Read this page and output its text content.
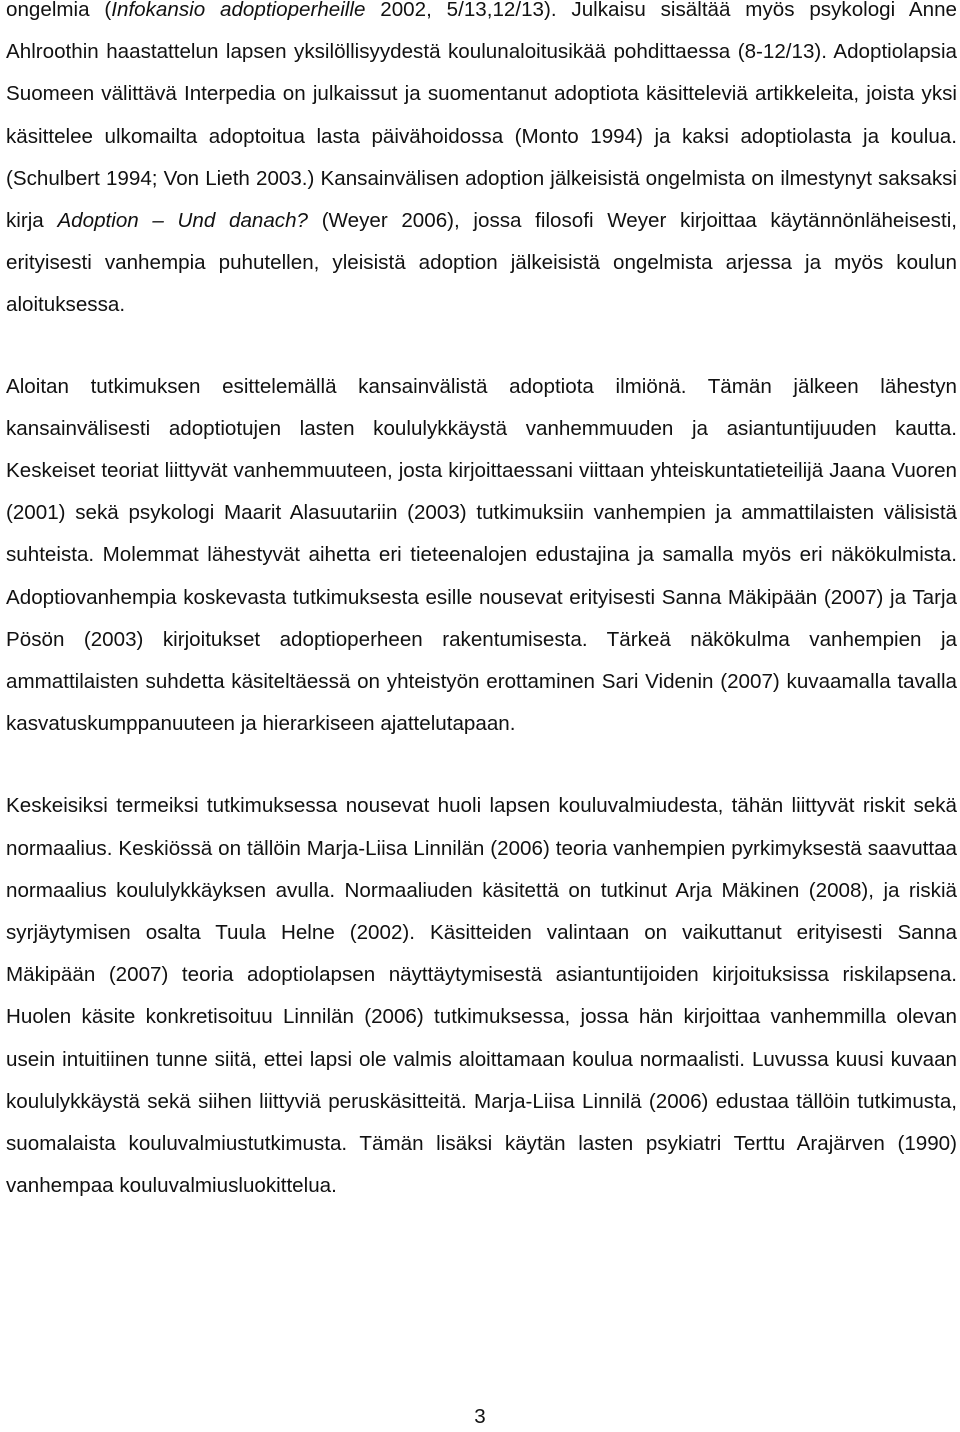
ongelmia (Infokansio adoptioperheille 2002, 5/13,12/13). Julkaisu sisältää myös psykologi Anne Ahlroothin haastattelun lapsen yksilöllisyydestä koulunaloitusikää pohdittaessa (8-12/13). Adoptiolapsia Suomeen välittävä Interpedia on julkaissut ja suomentanut adoptiota käsitteleviä artikkeleita, joista yksi käsittelee ulkomailta adoptoitua lasta päivähoidossa (Monto 1994) ja kaksi adoptiolasta ja koulua. (Schulbert 1994; Von Lieth 2003.) Kansainvälisen adoption jälkeisistä ongelmista on ilmestynyt saksaksi kirja Adoption – Und danach? (Weyer 2006), jossa filosofi Weyer kirjoittaa käytännönläheisesti, erityisesti vanhempia puhutellen, yleisistä adoption jälkeisistä ongelmista arjessa ja myös koulun aloituksessa.

Aloitan tutkimuksen esittelemällä kansainvälistä adoptiota ilmiönä. Tämän jälkeen lähestyn kansainvälisesti adoptiotujen lasten koululykkäystä vanhemmuuden ja asiantuntijuuden kautta. Keskeiset teoriat liittyvät vanhemmuuteen, josta kirjoittaessani viittaan yhteiskuntatieteilijä Jaana Vuoren (2001) sekä psykologi Maarit Alasuutariin (2003) tutkimuksiin vanhempien ja ammattilaisten välisistä suhteista. Molemmat lähestyvät aihetta eri tieteenalojen edustajina ja samalla myös eri näkökulmista. Adoptiovanhempia koskevasta tutkimuksesta esille nousevat erityisesti Sanna Mäkipään (2007) ja Tarja Pösön (2003) kirjoitukset adoptioperheen rakentumisesta. Tärkeä näkökulma vanhempien ja ammattilaisten suhdetta käsiteltäessä on yhteistyön erottaminen Sari Videnin (2007) kuvaamalla tavalla kasvatuskumppanuuteen ja hierarkiseen ajattelutapaan.

Keskeisiksi termeiksi tutkimuksessa nousevat huoli lapsen kouluvalmiudesta, tähän liittyvät riskit sekä normaalius. Keskiössä on tällöin Marja-Liisa Linnilän (2006) teoria vanhempien pyrkimyksestä saavuttaa normaalius koululykkäyksen avulla. Normaaliuden käsitettä on tutkinut Arja Mäkinen (2008), ja riskiä syrjäytymisen osalta Tuula Helne (2002). Käsitteiden valintaan on vaikuttanut erityisesti Sanna Mäkipään (2007) teoria adoptiolapsen näyttäytymisestä asiantuntijoiden kirjoituksissa riskilapsena. Huolen käsite konkretisoituu Linnilän (2006) tutkimuksessa, jossa hän kirjoittaa vanhemmilla olevan usein intuitiinen tunne siitä, ettei lapsi ole valmis aloittamaan koulua normaalisti. Luvussa kuusi kuvaan koululykkäystä sekä siihen liittyviä peruskäsitteitä. Marja-Liisa Linnilä (2006) edustaa tällöin tutkimusta, suomalaista kouluvalmiustutkimusta. Tämän lisäksi käytän lasten psykiatri Terttu Arajärven (1990) vanhempaa kouluvalmiusluokittelua.

3
